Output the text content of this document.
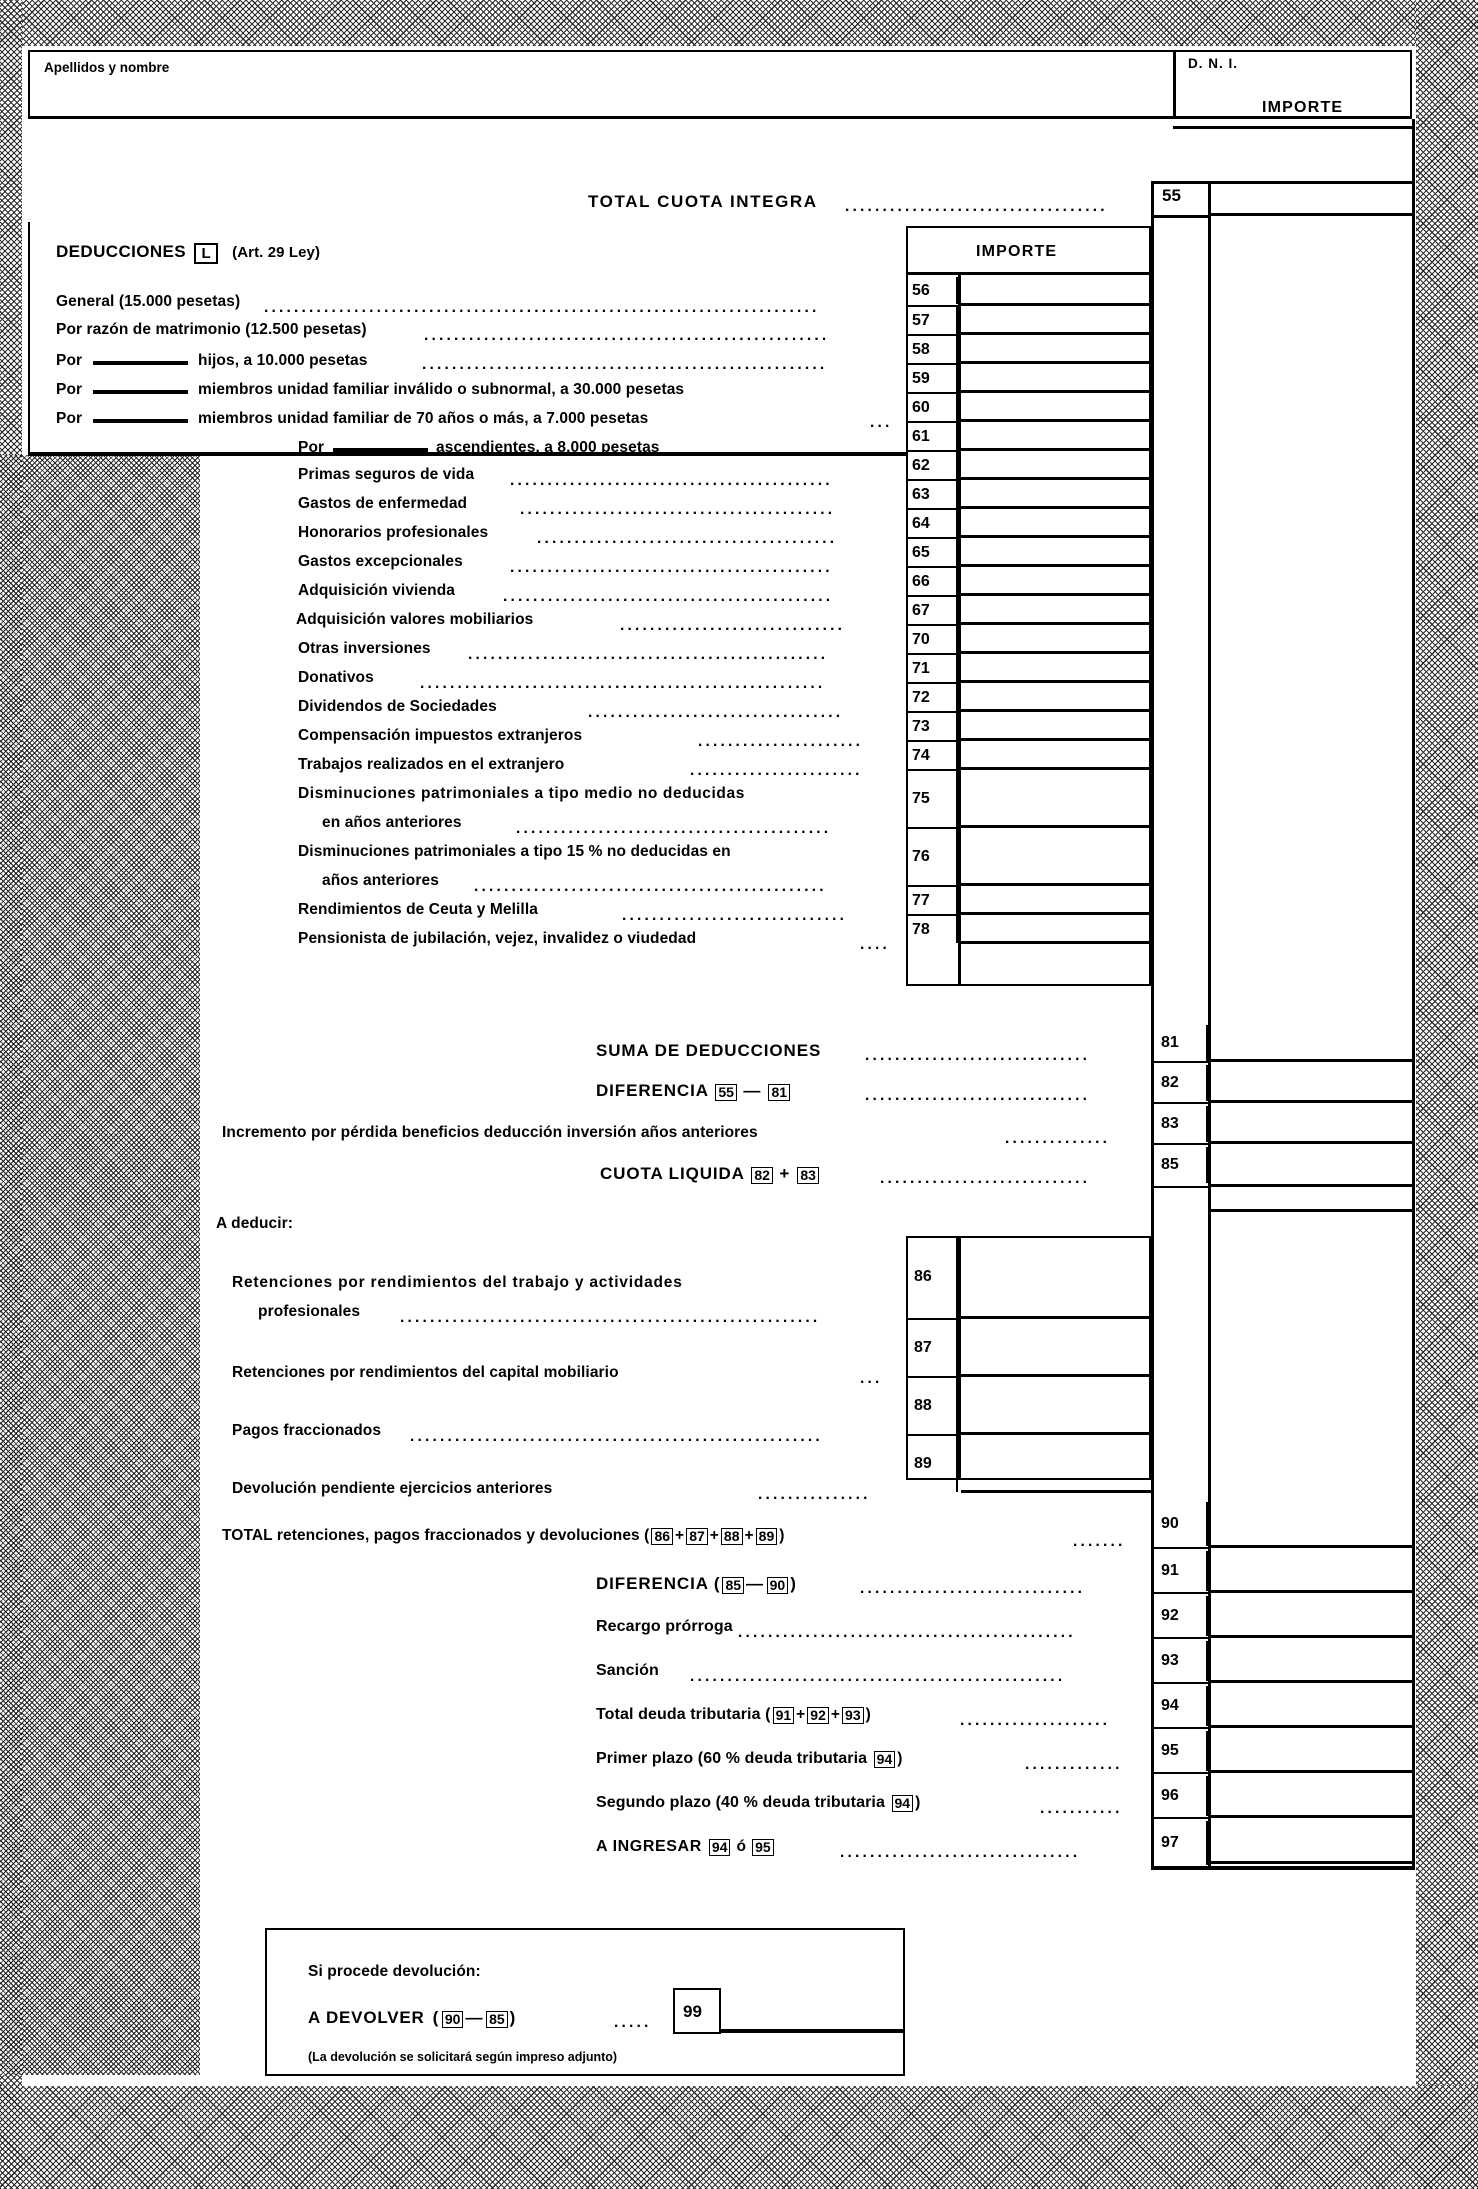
Apellidos y nombre	D. N. I.
IMPORTE
TOTAL CUOTA INTEGRA ...................................
55
DEDUCCIONES L (Art. 29 Ley)	IMPORTE
General (15.000 pesetas) ..........................................................................
56
Por razón de matrimonio (12.500 pesetas)	......................................................
57
Por	hijos, a 10.000 pesetas	......................................................
58
Por	miembros unidad familiar inválido o subnormal, a 30.000 pesetas
59
Por	miembros unidad familiar de 70 años o más, a 7.000 pesetas	...
60
Por	ascendientes, a 8.000 pesetas	...........
61
Primas seguros de vida ...........................................
62
Gastos de enfermedad	..........................................
63
Honorarios profesionales	........................................
64
Gastos excepcionales	...........................................
65
Adquisición vivienda	............................................
66
Adquisición valores mobiliarios	..............................
67
Otras inversiones ................................................
70
Donativos	......................................................
71
Dividendos de Sociedades	..................................
72
Compensación impuestos extranjeros	......................
73
Trabajos realizados en el extranjero	.......................
74
Disminuciones patrimoniales a tipo medio no deducidas
en años anteriores	..........................................
75
Disminuciones patrimoniales a tipo 15 % no deducidas en
años anteriores ...............................................
76
Rendimientos de Ceuta y Melilla	..............................
77
Pensionista de jubilación, vejez, invalidez o viudedad	....
78
SUMA DE DEDUCCIONES	..............................
81
DIFERENCIA 55 — 81	..............................
82
Incremento por pérdida beneficios deducción inversión años anteriores	..............
83
CUOTA LIQUIDA 82 + 83	............................
85
A deducir:
Retenciones por rendimientos del trabajo y actividades
profesionales	........................................................
86
Retenciones por rendimientos del capital mobiliario	...
87
Pagos fraccionados .......................................................
88
Devolución pendiente ejercicios anteriores	...............
89
TOTAL retenciones, pagos fraccionados y devoluciones ( 86 + 87 + 88 + 89 )	.......
90
DIFERENCIA ( 85 — 90 )	..............................
91
Recargo prórroga .............................................
92
Sanción ..................................................
93
Total deuda tributaria ( 91 + 92 + 93 )	....................
94
Primer plazo (60 % deuda tributaria 94 )	.............
95
Segundo plazo (40 % deuda tributaria 94 )	...........
96
A INGRESAR 94 ó 95	................................
97
Si procede devolución:
A DEVOLVER ( 90 — 85 )	.....
99
(La devolución se solicitará según impreso adjunto)
